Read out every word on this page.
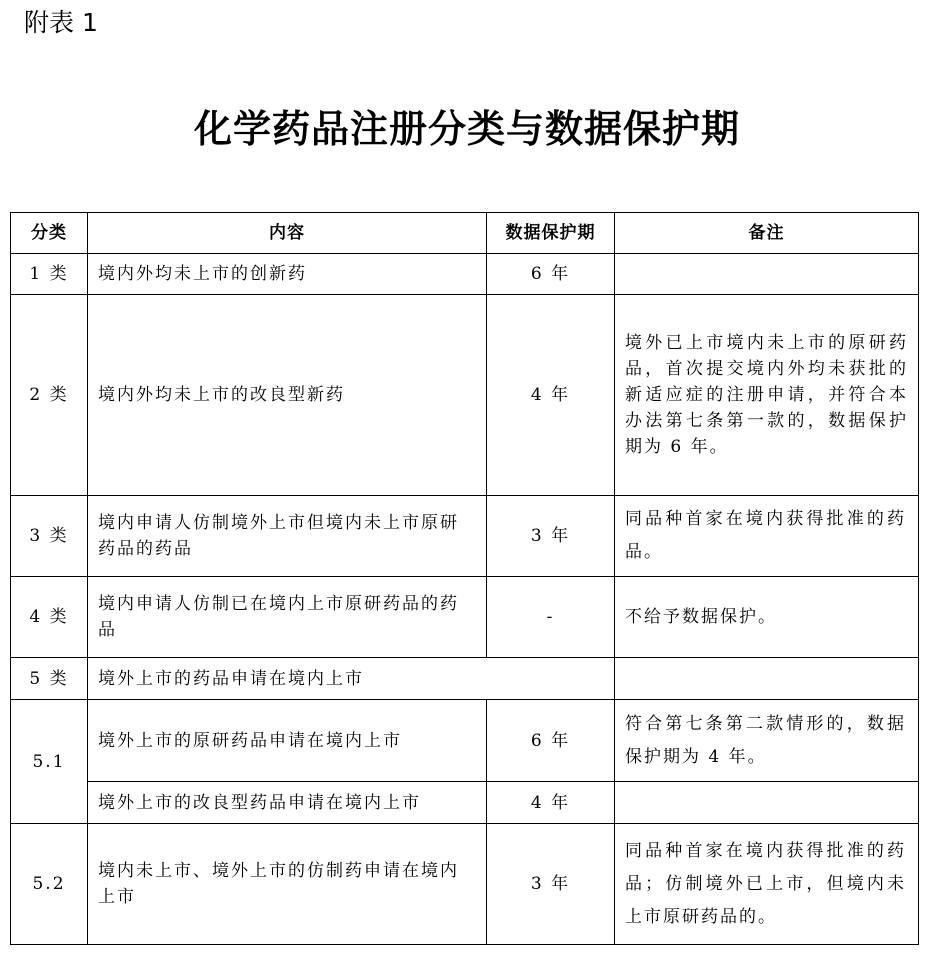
附表 1
化学药品注册分类与数据保护期
分类	内容	数据保护期	备注
1 类	境内外均未上市的创新药	6 年	
2 类	境内外均未上市的改良型新药	4 年	境外已上市境内未上市的原研药品，首次提交境内外均未获批的新适应症的注册申请，并符合本办法第七条第一款的，数据保护期为 6 年。
3 类	境内申请人仿制境外上市但境内未上市原研药品的药品	3 年	同品种首家在境内获得批准的药品。
4 类	境内申请人仿制已在境内上市原研药品的药品	-	不给予数据保护。
5 类	境外上市的药品申请在境内上市		
5.1	境外上市的原研药品申请在境内上市	6 年	符合第七条第二款情形的，数据保护期为 4 年。
	境外上市的改良型药品申请在境内上市	4 年	
5.2	境内未上市、境外上市的仿制药申请在境内上市	3 年	同品种首家在境内获得批准的药品；仿制境外已上市，但境内未上市原研药品的。
